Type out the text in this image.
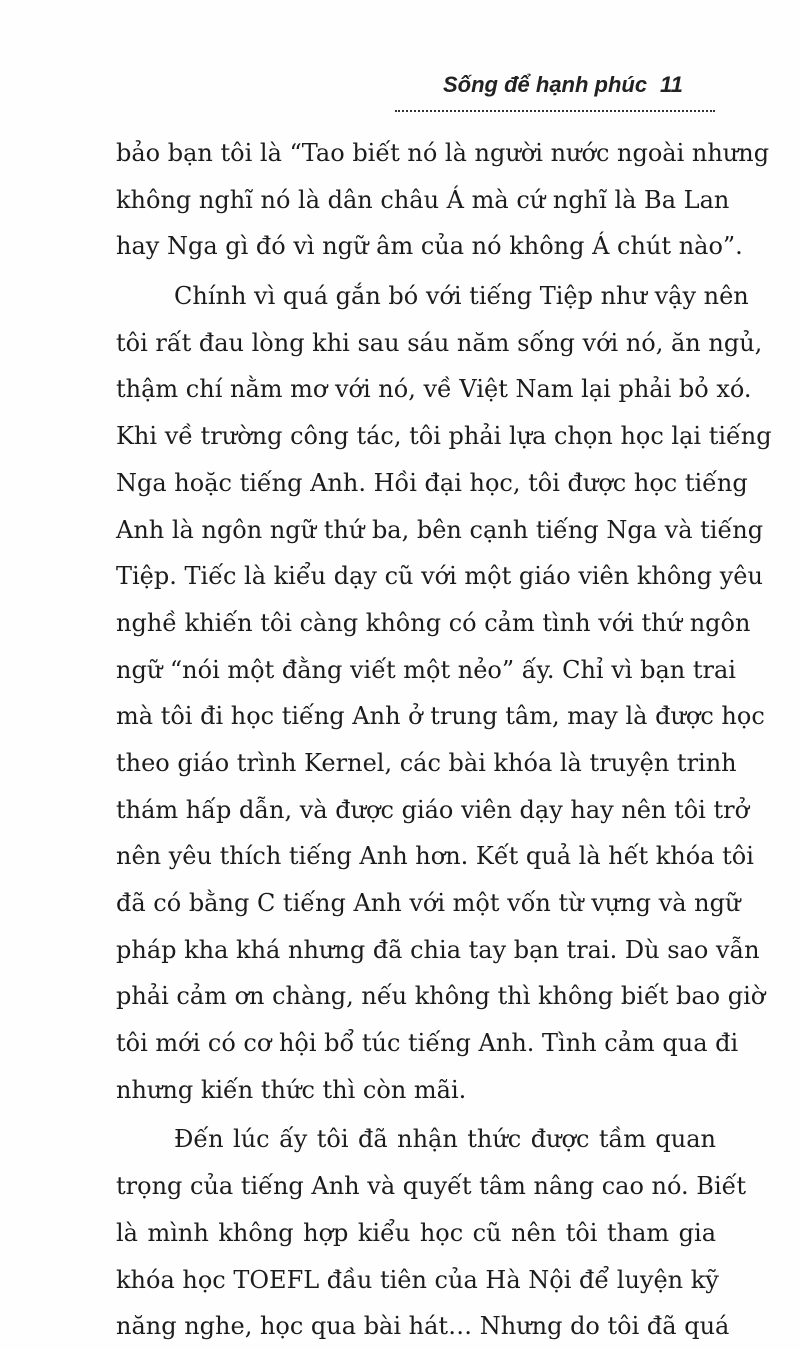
Sống để hạnh phúc 11
bảo bạn tôi là “Tao biết nó là người nước ngoài nhưng
không nghĩ nó là dân châu Á mà cứ nghĩ là Ba Lan
hay Nga gì đó vì ngữ âm của nó không Á chút nào”.
Chính vì quá gắn bó với tiếng Tiệp như vậy nên
tôi rất đau lòng khi sau sáu năm sống với nó, ăn ngủ,
thậm chí nằm mơ với nó, về Việt Nam lại phải bỏ xó.
Khi về trường công tác, tôi phải lựa chọn học lại tiếng
Nga hoặc tiếng Anh. Hồi đại học, tôi được học tiếng
Anh là ngôn ngữ thứ ba, bên cạnh tiếng Nga và tiếng
Tiệp. Tiếc là kiểu dạy cũ với một giáo viên không yêu
nghề khiến tôi càng không có cảm tình với thứ ngôn
ngữ “nói một đằng viết một nẻo” ấy. Chỉ vì bạn trai
mà tôi đi học tiếng Anh ở trung tâm, may là được học
theo giáo trình Kernel, các bài khóa là truyện trinh
thám hấp dẫn, và được giáo viên dạy hay nên tôi trở
nên yêu thích tiếng Anh hơn. Kết quả là hết khóa tôi
đã có bằng C tiếng Anh với một vốn từ vựng và ngữ
pháp kha khá nhưng đã chia tay bạn trai. Dù sao vẫn
phải cảm ơn chàng, nếu không thì không biết bao giờ
tôi mới có cơ hội bổ túc tiếng Anh. Tình cảm qua đi
nhưng kiến thức thì còn mãi.
Đến lúc ấy tôi đã nhận thức được tầm quan
trọng của tiếng Anh và quyết tâm nâng cao nó. Biết
là mình không hợp kiểu học cũ nên tôi tham gia
khóa học TOEFL đầu tiên của Hà Nội để luyện kỹ
năng nghe, học qua bài hát… Nhưng do tôi đã quá
